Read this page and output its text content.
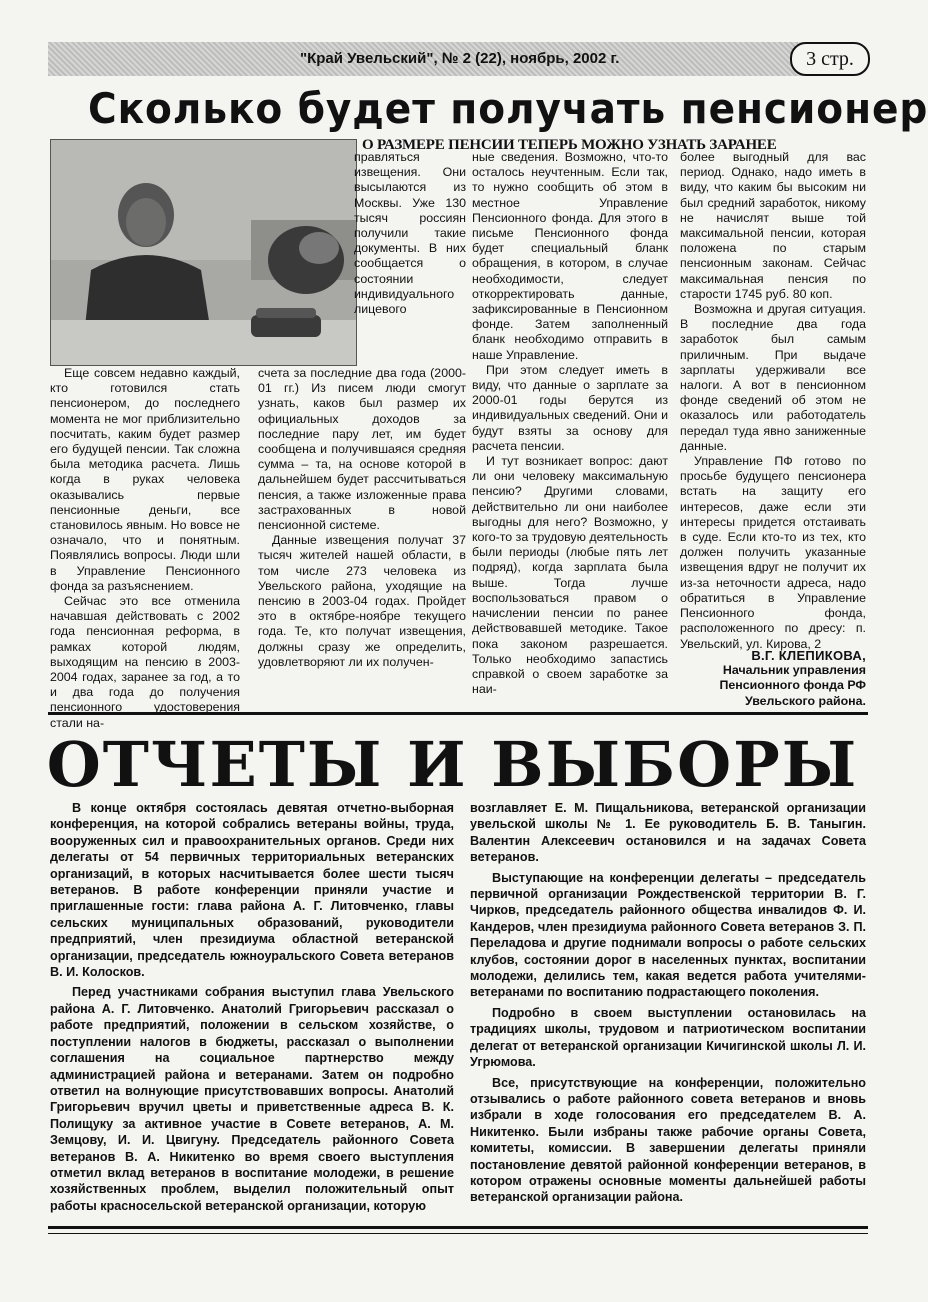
"Край Увельский", № 2 (22), ноябрь, 2002 г.	3 стр.
Сколько будет получать пенсионер
О РАЗМЕРЕ ПЕНСИИ ТЕПЕРЬ МОЖНО УЗНАТЬ ЗАРАНЕЕ

правляться извещения. Они высылаются из Москвы. Уже 130 тысяч россиян получили такие документы. В них сообщается о состоянии индивидуального лицевого

Еще совсем недавно каждый, кто готовился стать пенсионером, до последнего момента не мог приблизительно посчитать, каким будет размер его будущей пенсии. Так сложна была методика расчета. Лишь когда в руках человека оказывались первые пенсионные деньги, все становилось явным. Но вовсе не означало, что и понятным. Появлялись вопросы. Люди шли в Управление Пенсионного фонда за разъяснением.

Сейчас это все отменила начавшая действовать с 2002 года пенсионная реформа, в рамках которой людям, выходящим на пенсию в 2003-2004 годах, заранее за год, а то и два года до получения пенсионного удостоверения стали на-

счета за последние два года (2000-01 гг.) Из писем люди смогут узнать, каков был размер их официальных доходов за последние пару лет, им будет сообщена и получившаяся средняя сумма – та, на основе которой в дальнейшем будет рассчитываться пенсия, а также изложенные права застрахованных в новой пенсионной системе.

Данные извещения получат 37 тысяч жителей нашей области, в том числе 273 человека из Увельского района, уходящие на пенсию в 2003-04 годах. Пройдет это в октябре-ноябре текущего года. Те, кто получат извещения, должны сразу же определить, удовлетворяют ли их получен-

ные сведения. Возможно, что-то осталось неучтенным. Если так, то нужно сообщить об этом в местное Управление Пенсионного фонда. Для этого в письме Пенсионного фонда будет специальный бланк обращения, в котором, в случае необходимости, следует откорректировать данные, зафиксированные в Пенсионном фонде. Затем заполненный бланк необходимо отправить в наше Управление.

При этом следует иметь в виду, что данные о зарплате за 2000-01 годы берутся из индивидуальных сведений. Они и будут взяты за основу для расчета пенсии.

И тут возникает вопрос: дают ли они человеку максимальную пенсию? Другими словами, действительно ли они наиболее выгодны для него? Возможно, у кого-то за трудовую деятельность были периоды (любые пять лет подряд), когда зарплата была выше. Тогда лучше воспользоваться правом о начислении пенсии по ранее действовавшей методике. Такое пока законом разрешается. Только необходимо запастись справкой о своем заработке за наи-

более выгодный для вас период. Однако, надо иметь в виду, что каким бы высоким ни был средний заработок, никому не начислят выше той максимальной пенсии, которая положена по старым пенсионным законам. Сейчас максимальная пенсия по старости 1745 руб. 80 коп.

Возможна и другая ситуация. В последние два года заработок был самым приличным. При выдаче зарплаты удерживали все налоги. А вот в пенсионном фонде сведений об этом не оказалось или работодатель передал туда явно заниженные данные.

Управление ПФ готово по просьбе будущего пенсионера встать на защиту его интересов, даже если эти интересы придется отстаивать в суде. Если кто-то из тех, кто должен получить указанные извещения вдруг не получит их из-за неточности адреса, надо обратиться в Управление Пенсионного фонда, расположенного по дресу: п. Увельский, ул. Кирова, 2

В.Г. КЛЕПИКОВА,
Начальник управления
Пенсионного фонда РФ
Увельского района.
ОТЧЕТЫ И ВЫБОРЫ

В конце октября состоялась девятая отчетно-выборная конференция, на которой собрались ветераны войны, труда, вооруженных сил и правоохранительных органов. Среди них делегаты от 54 первичных территориальных ветеранских организаций, в которых насчитывается более шести тысяч ветеранов. В работе конференции приняли участие и приглашенные гости: глава района А. Г. Литовченко, главы сельских муниципальных образований, руководители предприятий, член президиума областной ветеранской организации, председатель южноуральского Совета ветеранов В. И. Колосков.

Перед участниками собрания выступил глава Увельского района А. Г. Литовченко. Анатолий Григорьевич рассказал о работе предприятий, положении в сельском хозяйстве, о поступлении налогов в бюджеты, рассказал о выполнении соглашения на социальное партнерство между администрацией района и ветеранами. Затем он подробно ответил на волнующие присутствовавших вопросы. Анатолий Григорьевич вручил цветы и приветственные адреса В. К. Полищуку за активное участие в Совете ветеранов, А. М. Земцову, И. И. Цвигуну. Председатель районного Совета ветеранов В. А. Никитенко во время своего выступления отметил вклад ветеранов в воспитание молодежи, в решение хозяйственных проблем, выделил положительный опыт работы красносельской ветеранской организации, которую

возглавляет Е. М. Пищальникова, ветеранской организации увельской школы № 1. Ее руководитель Б. В. Таныгин. Валентин Алексеевич остановился и на задачах Совета ветеранов.

Выступающие на конференции делегаты – председатель первичной организации Рождественской территории В. Г. Чирков, председатель районного общества инвалидов Ф. И. Кандеров, член президиума районного Совета ветеранов З. П. Переладова и другие поднимали вопросы о работе сельских клубов, состоянии дорог в населенных пунктах, воспитании молодежи, делились тем, какая ведется работа учителями-ветеранами по воспитанию подрастающего поколения.

Подробно в своем выступлении остановилась на традициях школы, трудовом и патриотическом воспитании делегат от ветеранской организации Кичигинской школы Л. И. Угрюмова.

Все, присутствующие на конференции, положительно отзывались о работе районного совета ветеранов и вновь избрали в ходе голосования его председателем В. А. Никитенко. Были избраны также рабочие органы Совета, комитеты, комиссии. В завершении делегаты приняли постановление девятой районной конференции ветеранов, в котором отражены основные моменты дальнейшей работы ветеранской организации района.
